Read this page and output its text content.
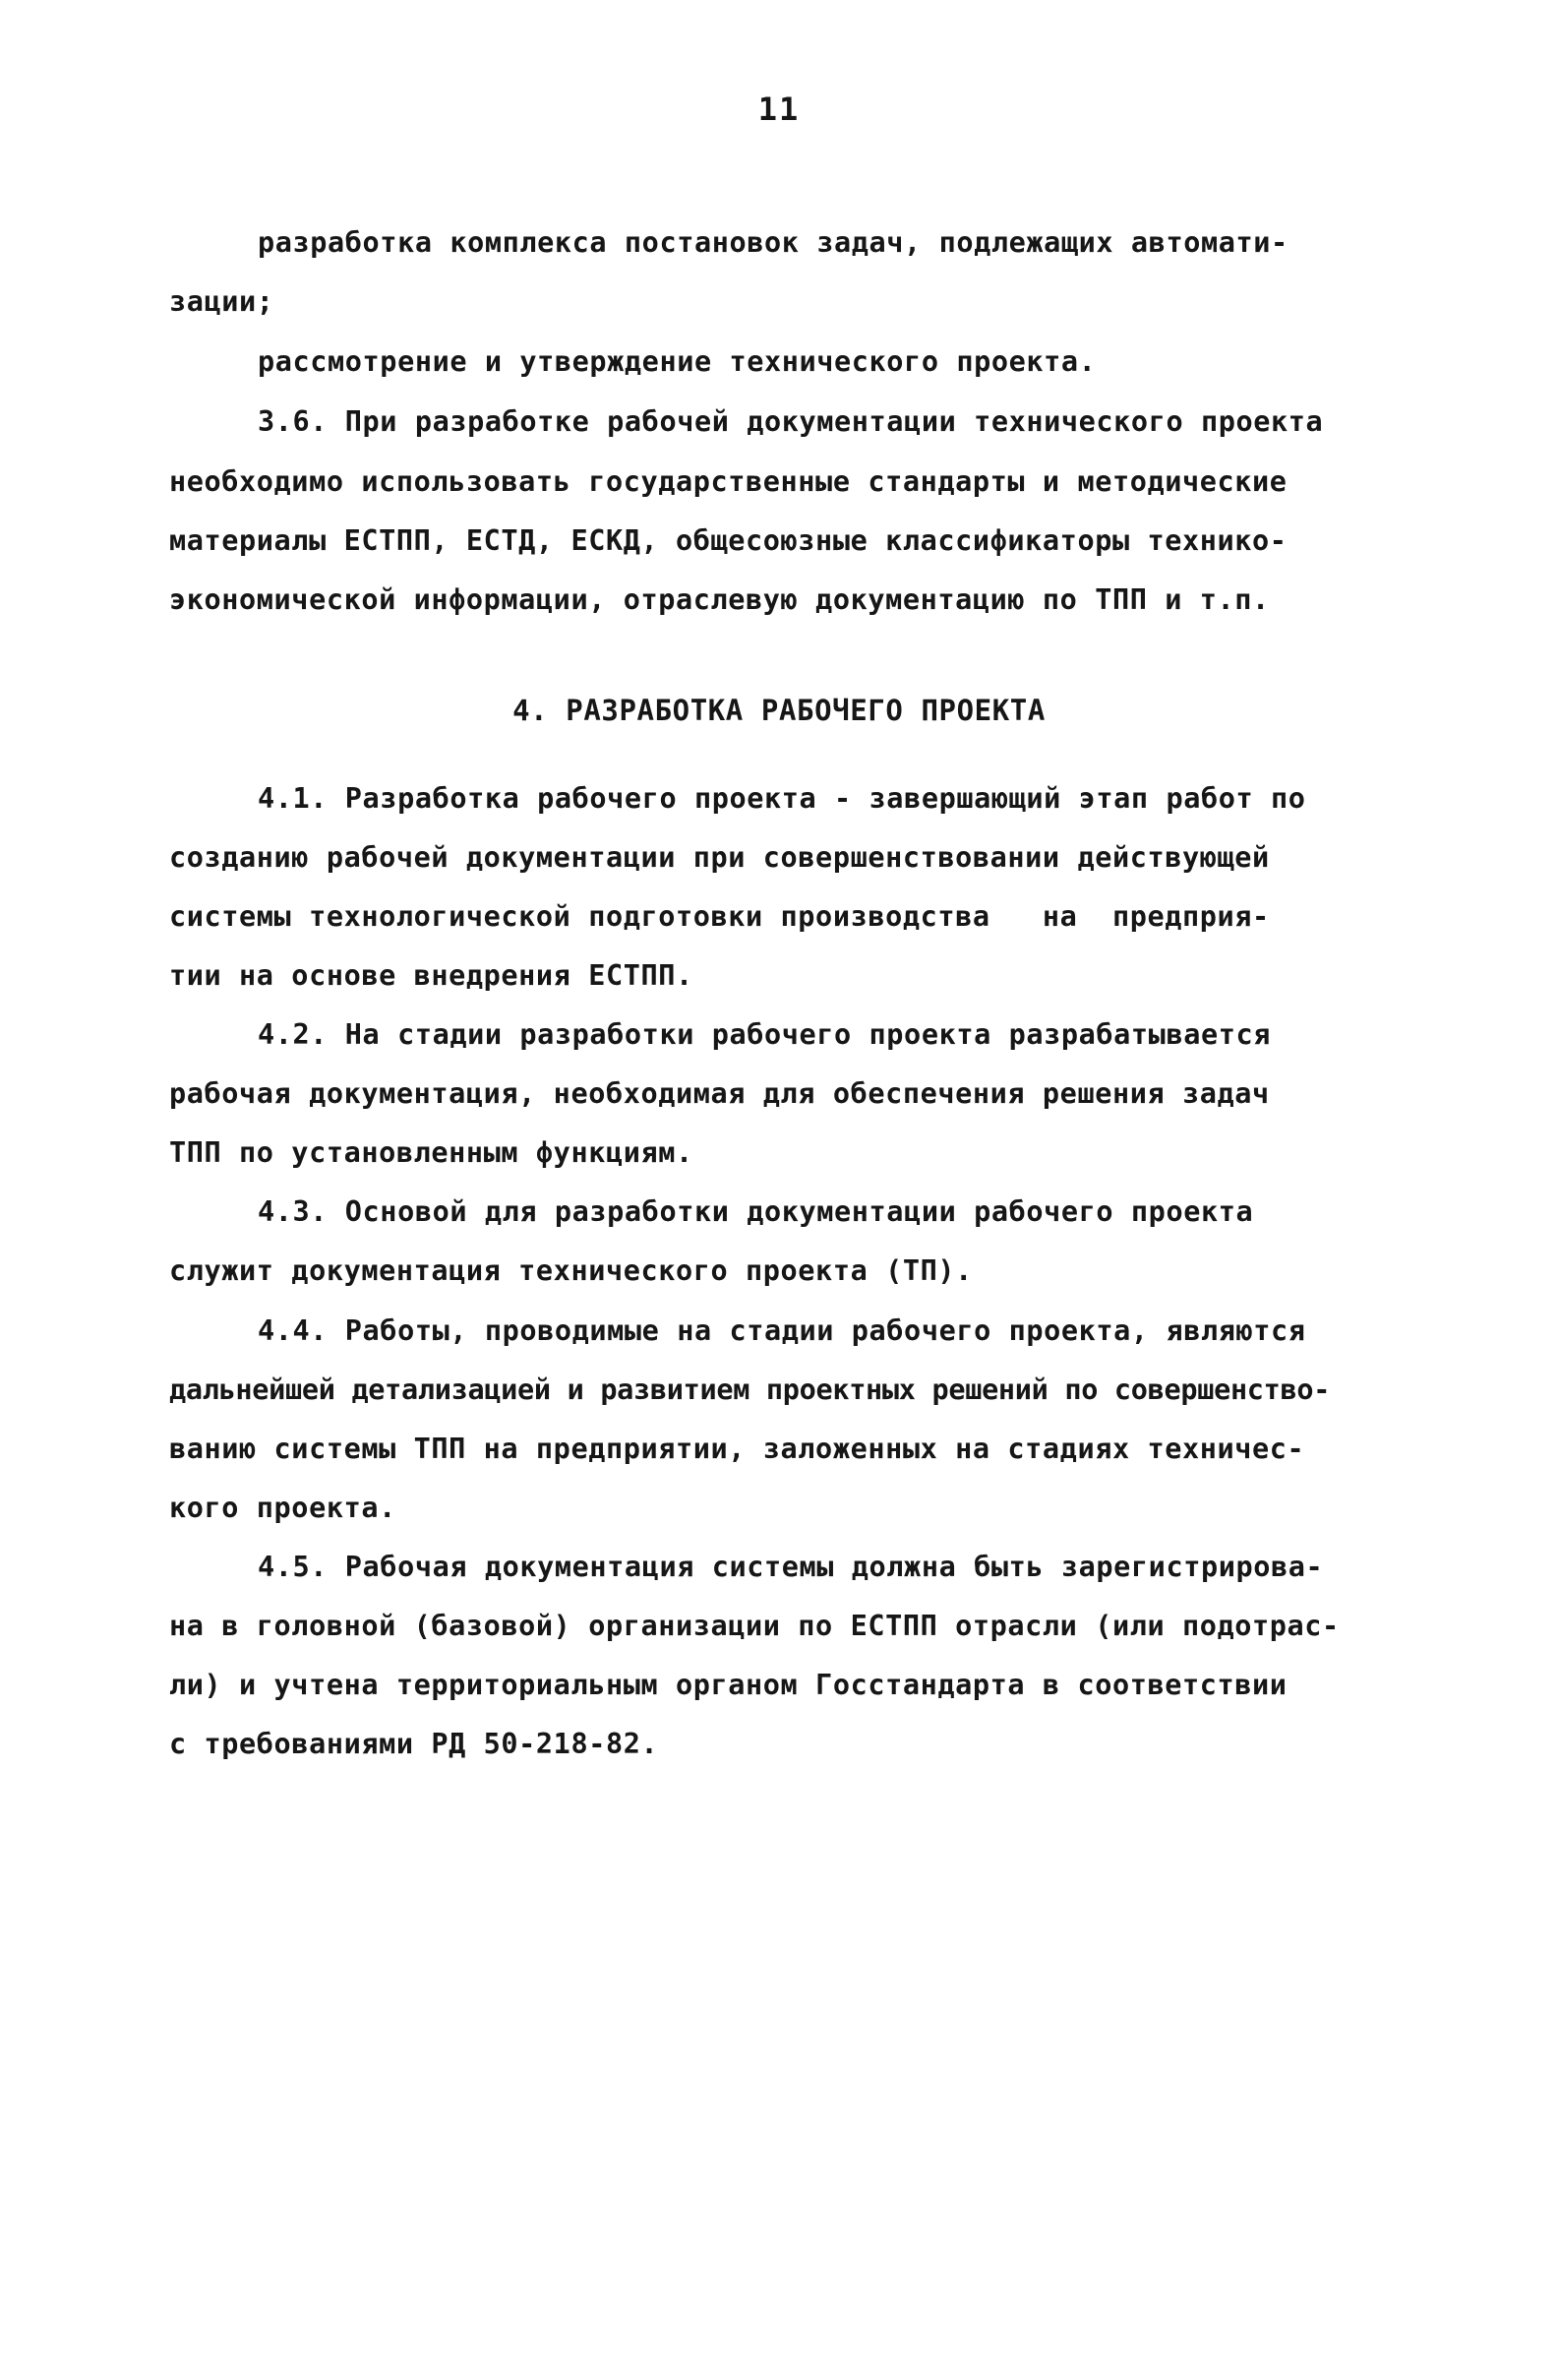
11
разработка комплекса постановок задач, подлежащих автомати-
зации;
рассмотрение и утверждение технического проекта.
3.6. При разработке рабочей документации технического проекта
необходимо использовать государственные стандарты и методические
материалы ЕСТПП, ЕСТД, ЕСКД, общесоюзные классификаторы технико-
экономической информации, отраслевую документацию по ТПП и т.п.
4. РАЗРАБОТКА РАБОЧЕГО ПРОЕКТА
4.1. Разработка рабочего проекта - завершающий этап работ по
созданию рабочей документации при совершенствовании действующей
системы технологической подготовки производства   на  предприя-
тии на основе внедрения ЕСТПП.
4.2. На стадии разработки рабочего проекта разрабатывается
рабочая документация, необходимая для обеспечения решения задач
ТПП по установленным функциям.
4.3. Основой для разработки документации рабочего проекта
служит документация технического проекта (ТП).
4.4. Работы, проводимые на стадии рабочего проекта, являются
дальнейшей детализацией и развитием проектных решений по совершенство-
ванию системы ТПП на предприятии, заложенных на стадиях техничес-
кого проекта.
4.5. Рабочая документация системы должна быть зарегистрирова-
на в головной (базовой) организации по ЕСТПП отрасли (или подотрас-
ли) и учтена территориальным органом Госстандарта в соответствии
с требованиями РД 50-218-82.
